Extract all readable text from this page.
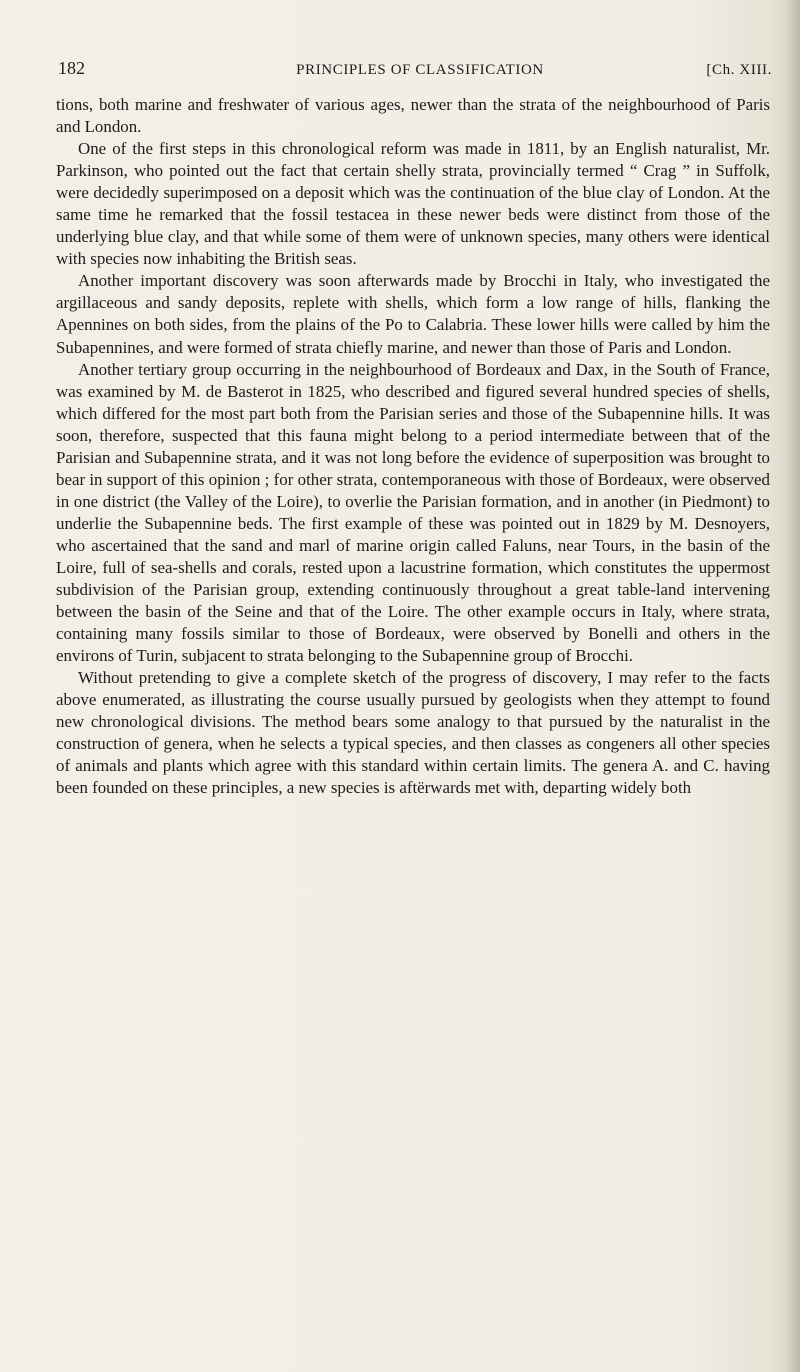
182	PRINCIPLES OF CLASSIFICATION	[Ch. XIII.

tions, both marine and freshwater of various ages, newer than the strata of the neighbourhood of Paris and London.

One of the first steps in this chronological reform was made in 1811, by an English naturalist, Mr. Parkinson, who pointed out the fact that certain shelly strata, provincially termed “ Crag ” in Suffolk, were decidedly superimposed on a deposit which was the continuation of the blue clay of London. At the same time he remarked that the fossil testacea in these newer beds were distinct from those of the underlying blue clay, and that while some of them were of unknown species, many others were identical with species now inhabiting the British seas.

Another important discovery was soon afterwards made by Brocchi in Italy, who investigated the argillaceous and sandy deposits, replete with shells, which form a low range of hills, flanking the Apennines on both sides, from the plains of the Po to Calabria. These lower hills were called by him the Subapennines, and were formed of strata chiefly marine, and newer than those of Paris and London.

Another tertiary group occurring in the neighbourhood of Bordeaux and Dax, in the South of France, was examined by M. de Basterot in 1825, who described and figured several hundred species of shells, which differed for the most part both from the Parisian series and those of the Subapennine hills. It was soon, therefore, suspected that this fauna might belong to a period intermediate between that of the Parisian and Subapennine strata, and it was not long before the evidence of superposition was brought to bear in support of this opinion ; for other strata, contemporaneous with those of Bordeaux, were observed in one district (the Valley of the Loire), to overlie the Parisian formation, and in another (in Piedmont) to underlie the Subapennine beds. The first example of these was pointed out in 1829 by M. Desnoyers, who ascertained that the sand and marl of marine origin called Faluns, near Tours, in the basin of the Loire, full of sea-shells and corals, rested upon a lacustrine formation, which constitutes the uppermost subdivision of the Parisian group, extending continuously throughout a great table-land intervening between the basin of the Seine and that of the Loire. The other example occurs in Italy, where strata, containing many fossils similar to those of Bordeaux, were observed by Bonelli and others in the environs of Turin, subjacent to strata belonging to the Subapennine group of Brocchi.

Without pretending to give a complete sketch of the progress of discovery, I may refer to the facts above enumerated, as illustrating the course usually pursued by geologists when they attempt to found new chronological divisions. The method bears some analogy to that pursued by the naturalist in the construction of genera, when he selects a typical species, and then classes as congeners all other species of animals and plants which agree with this standard within certain limits. The genera A. and C. having been founded on these principles, a new species is aftërwards met with, departing widely both
